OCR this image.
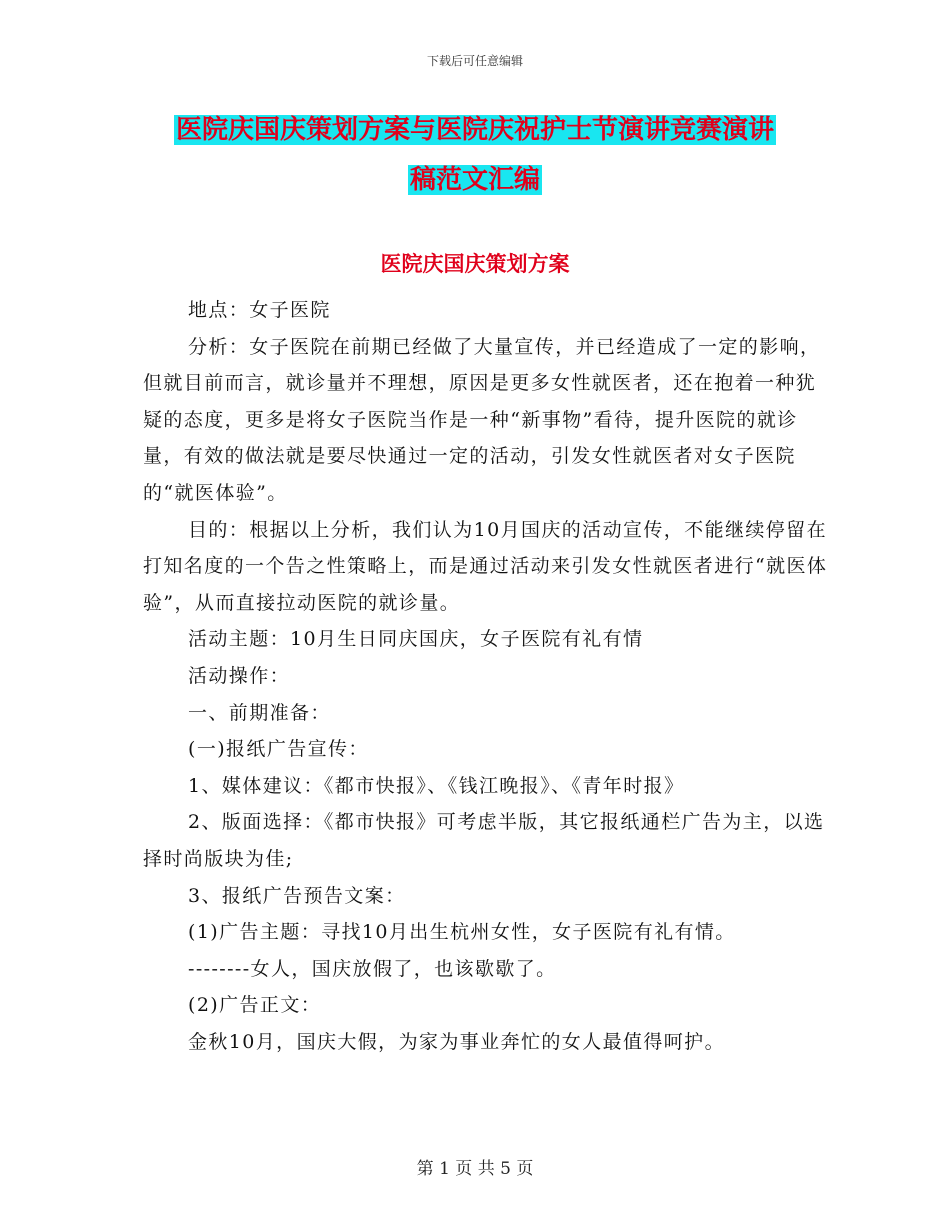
下载后可任意编辑
医院庆国庆策划方案与医院庆祝护士节演讲竞赛演讲
稿范文汇编
医院庆国庆策划方案

地点：女子医院

分析：女子医院在前期已经做了大量宣传，并已经造成了一定的影响，但就目前而言，就诊量并不理想，原因是更多女性就医者，还在抱着一种犹疑的态度，更多是将女子医院当作是一种“新事物”看待，提升医院的就诊量，有效的做法就是要尽快通过一定的活动，引发女性就医者对女子医院的“就医体验”。

目的：根据以上分析，我们认为10月国庆的活动宣传，不能继续停留在打知名度的一个告之性策略上，而是通过活动来引发女性就医者进行“就医体验”，从而直接拉动医院的就诊量。

活动主题：10月生日同庆国庆，女子医院有礼有情

活动操作：

一、前期准备：

(一)报纸广告宣传：

1、媒体建议：《都市快报》、《钱江晚报》、《青年时报》

2、版面选择：《都市快报》可考虑半版，其它报纸通栏广告为主，以选择时尚版块为佳;

3、报纸广告预告文案：

(1)广告主题：寻找10月出生杭州女性，女子医院有礼有情。

--------女人，国庆放假了，也该歇歇了。

(2)广告正文：

金秋10月，国庆大假，为家为事业奔忙的女人最值得呵护。

第 1 页 共 5 页
